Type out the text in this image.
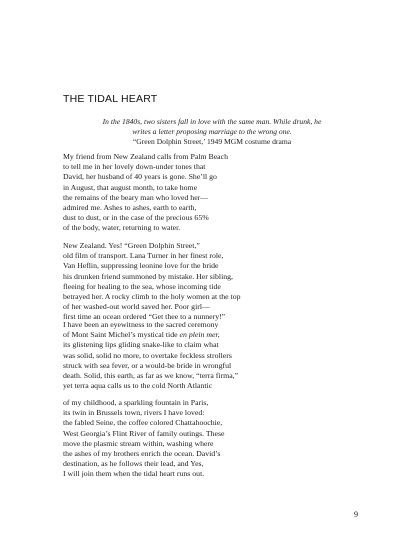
THE TIDAL HEART
In the 1840s, two sisters fall in love with the same man. While drunk, he
writes a letter proposing marriage to the wrong one.
“Green Dolphin Street,’ 1949 MGM costume drama
My friend from New Zealand calls from Palm Beach
to tell me in her lovely down-under tones that
David, her husband of 40 years is gone. She’ll go
in August, that august month, to take home
the remains of the beary man who loved her—
admired me. Ashes to ashes, earth to earth,
dust to dust, or in the case of the precious 65%
of the body, water, returning to water.
New Zealand. Yes! “Green Dolphin Street,”
old film of transport. Lana Turner in her finest role,
Van Heflin, suppressing leonine love for the bride
his drunken friend summoned by mistake. Her sibling,
fleeing for healing to the sea, whose incoming tide
betrayed her. A rocky climb to the holy women at the top
of her washed-out world saved her. Poor girl—
first time an ocean ordered “Get thee to a nunnery!”
I have been an eyewitness to the sacred ceremony
of Mont Saint Michel’s mystical tide en plein mer,
its glistening lips gliding snake-like to claim what
was solid, solid no more, to overtake feckless strollers
struck with sea fever, or a would-be bride in wrongful
death. Solid, this earth, as far as we know, “terra firma,”
yet terra aqua calls us to the cold North Atlantic
of my childhood, a sparkling fountain in Paris,
its twin in Brussels town, rivers I have loved:
the fabled Seine, the coffee colored Chattahoochie,
West Georgia’s Flint River of family outings. These
move the plasmic stream within, washing where
the ashes of my brothers enrich the ocean. David’s
destination, as he follows their lead, and Yes,
I will join them when the tidal heart runs out.
9
